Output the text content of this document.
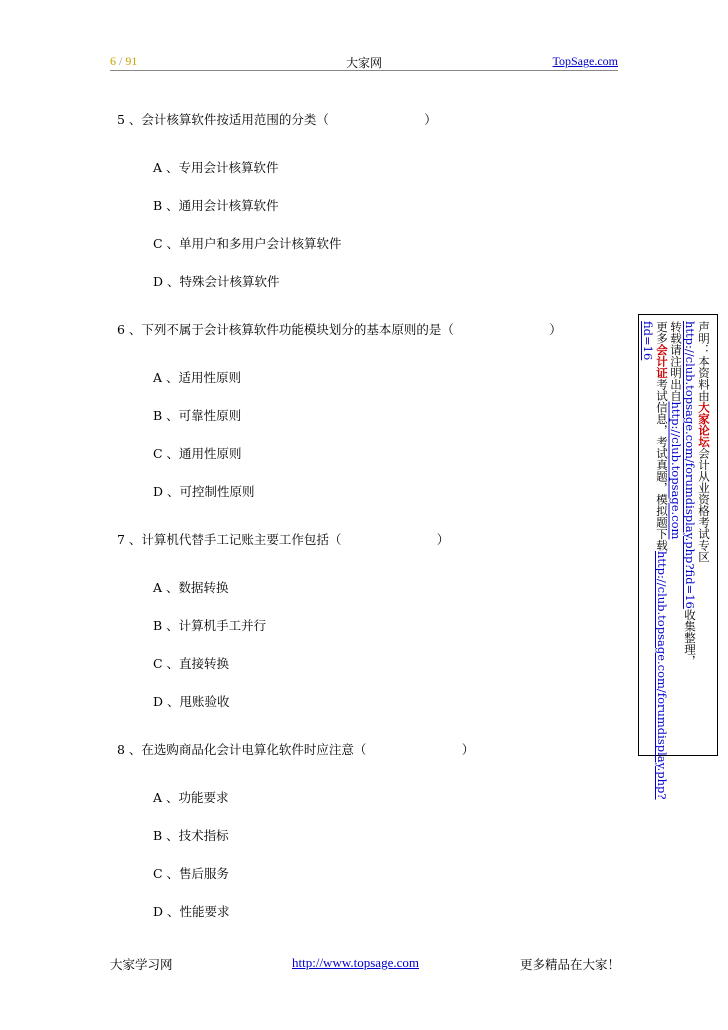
6 / 91	大家网	TopSage.com
5 、会计核算软件按适用范围的分类（                        ）
A 、专用会计核算软件
B 、通用会计核算软件
C 、单用户和多用户会计核算软件
D 、特殊会计核算软件
6 、下列不属于会计核算软件功能模块划分的基本原则的是（                        ）
A 、适用性原则
B 、可靠性原则
C 、通用性原则
D 、可控制性原则
7 、计算机代替手工记账主要工作包括（                        ）
A 、数据转换
B 、计算机手工并行
C 、直接转换
D 、甩账验收
8 、在选购商品化会计电算化软件时应注意（                        ）
A 、功能要求
B 、技术指标
C 、售后服务
D 、性能要求
声明：本资料由大家论坛会计从业资格考试专区
http://club.topsage.com/forumdisplay.php?fid=16收集整理，
转载请注明出自http://club.topsage.com
更多会计证考试信息，考试真题，模拟题下载http://club.topsage.com/forumdisplay.php?
fid=16
大家学习网	http://www.topsage.com	更多精品在大家！
